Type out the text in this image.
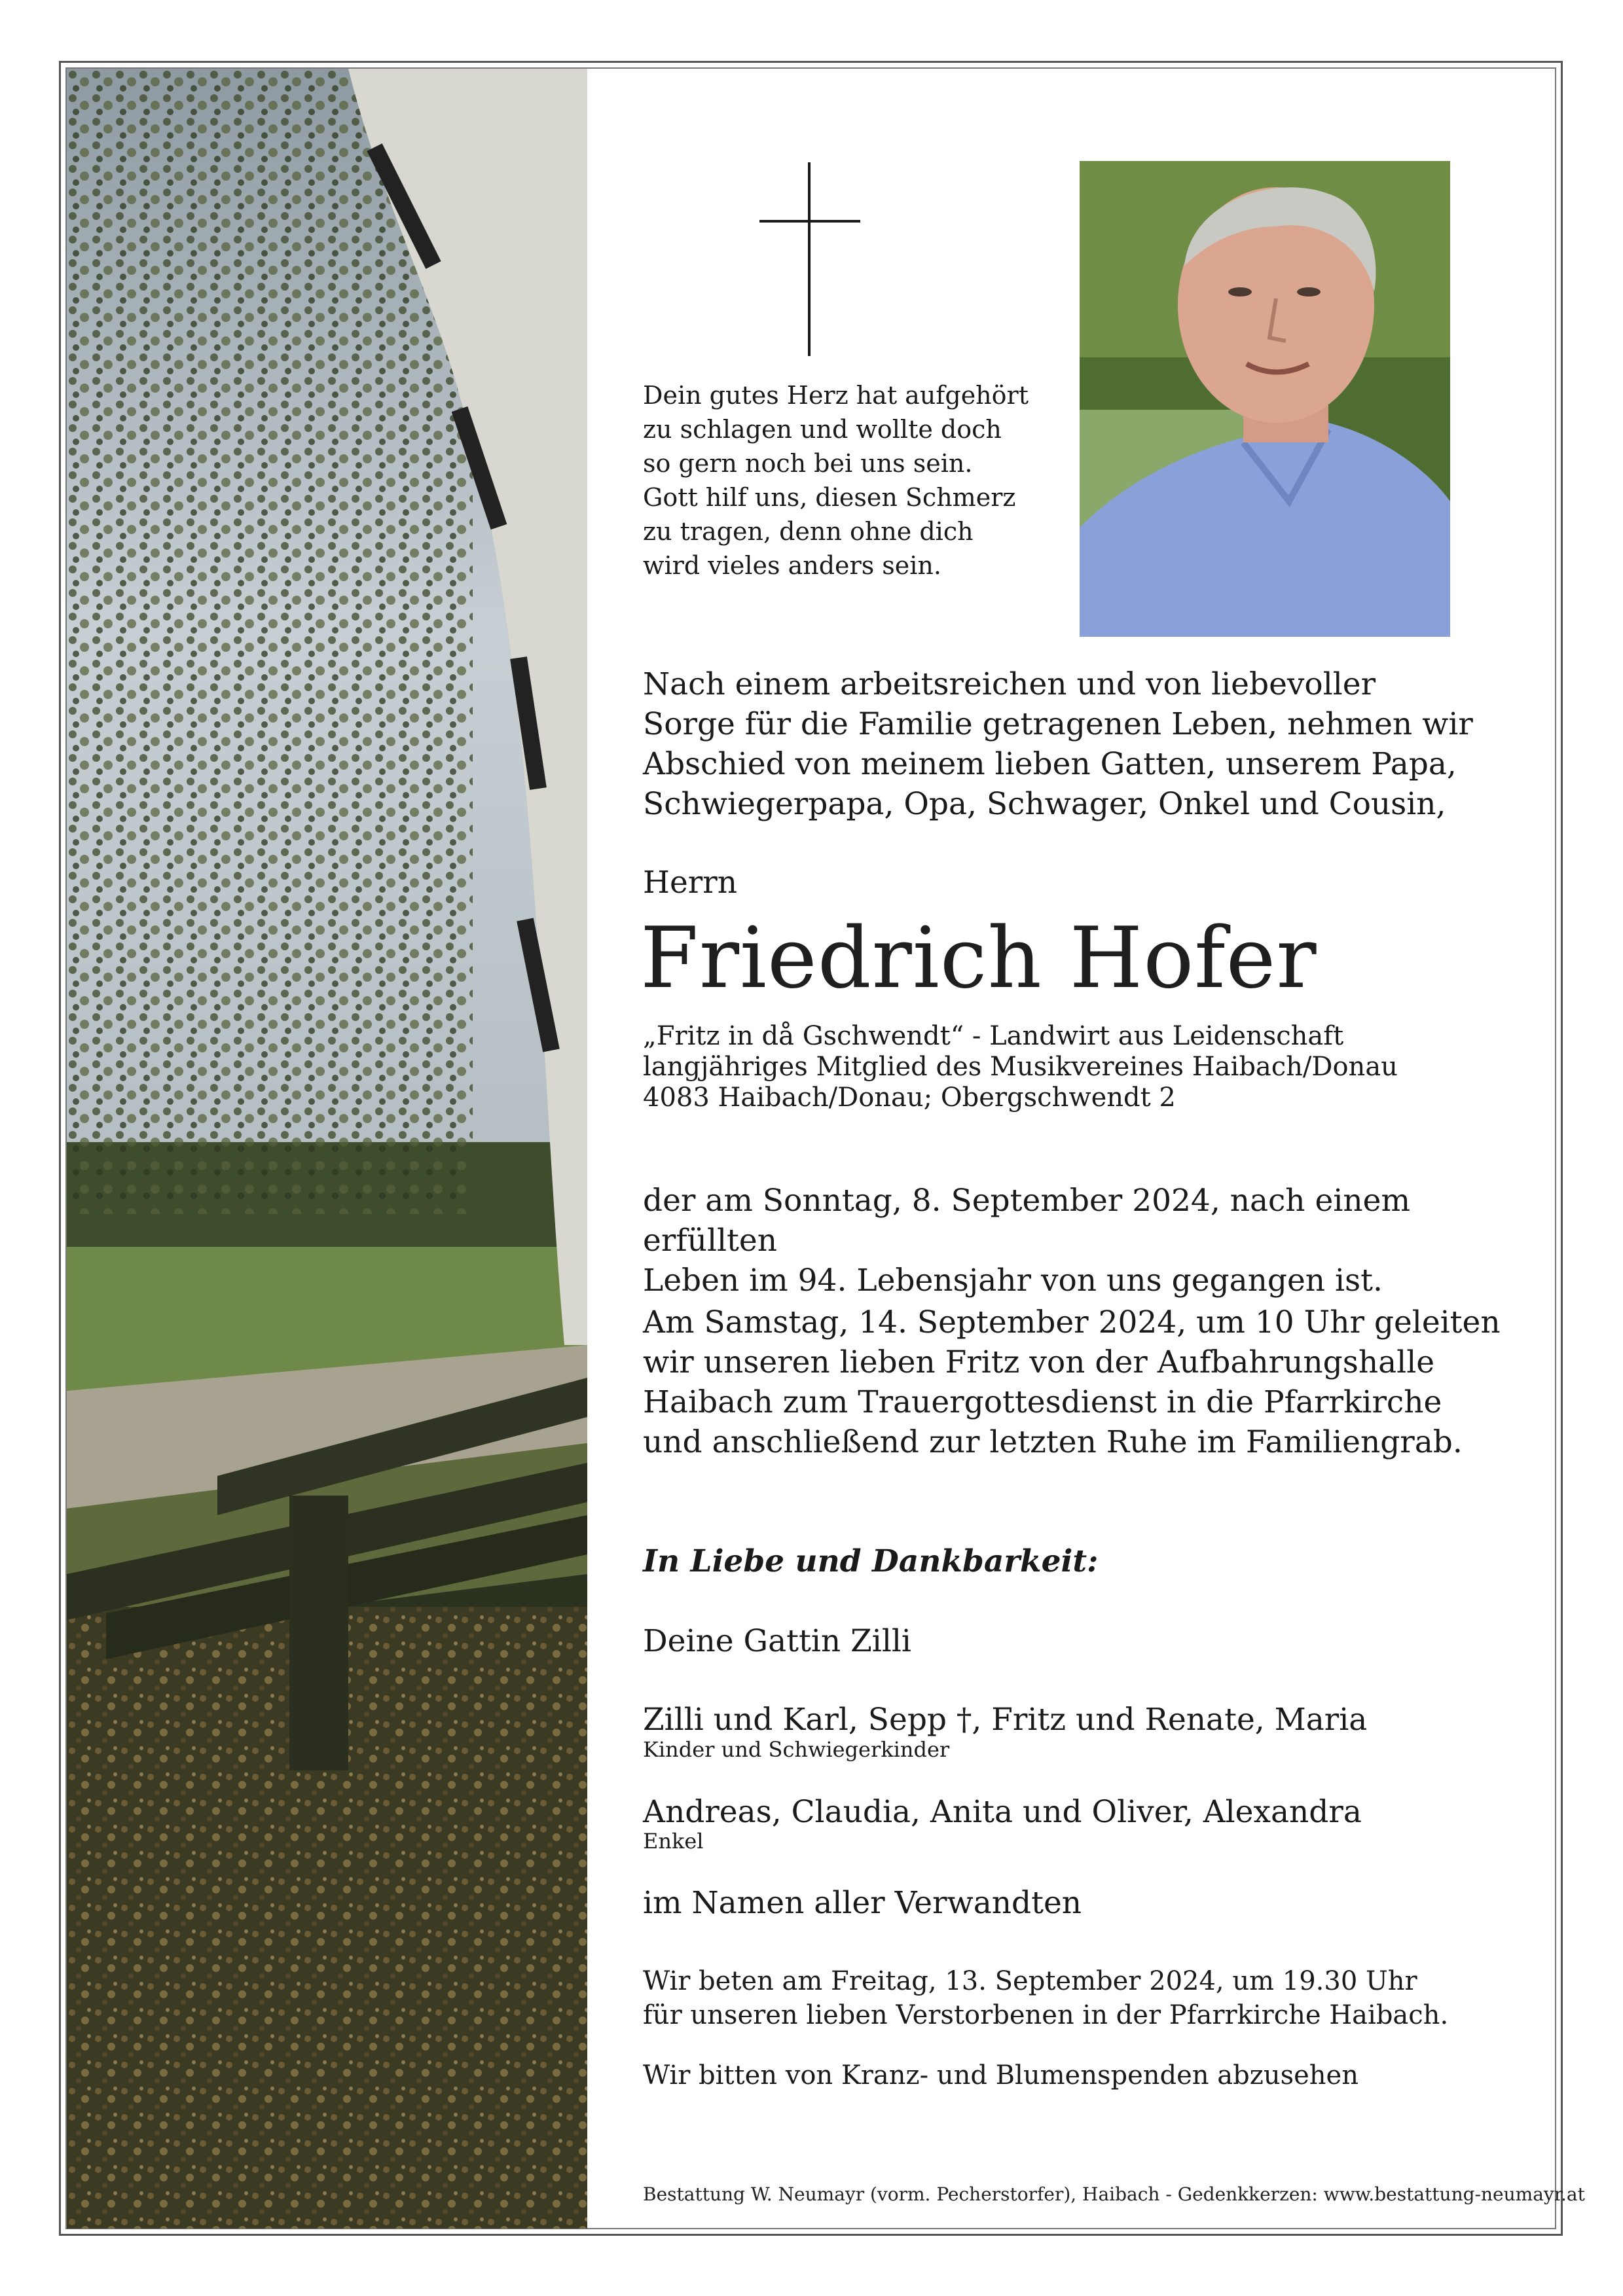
Dein gutes Herz hat aufgehört
zu schlagen und wollte doch
so gern noch bei uns sein.
Gott hilf uns, diesen Schmerz
zu tragen, denn ohne dich
wird vieles anders sein.
Nach einem arbeitsreichen und von liebevoller
Sorge für die Familie getragenen Leben, nehmen wir
Abschied von meinem lieben Gatten, unserem Papa,
Schwiegerpapa, Opa, Schwager, Onkel und Cousin,
Herrn
Friedrich Hofer
„Fritz in då Gschwendt“ - Landwirt aus Leidenschaft
langjähriges Mitglied des Musikvereines Haibach/Donau
4083 Haibach/Donau; Obergschwendt 2
der am Sonntag, 8. September 2024, nach einem erfüllten
Leben im 94. Lebensjahr von uns gegangen ist.
Am Samstag, 14. September 2024, um 10 Uhr geleiten
wir unseren lieben Fritz von der Aufbahrungshalle
Haibach zum Trauergottesdienst in die Pfarrkirche
und anschließend zur letzten Ruhe im Familiengrab.
In Liebe und Dankbarkeit:
Deine Gattin Zilli
Zilli und Karl, Sepp †, Fritz und Renate, Maria
Kinder und Schwiegerkinder
Andreas, Claudia, Anita und Oliver, Alexandra
Enkel
im Namen aller Verwandten
Wir beten am Freitag, 13. September 2024, um 19.30 Uhr
für unseren lieben Verstorbenen in der Pfarrkirche Haibach.
Wir bitten von Kranz- und Blumenspenden abzusehen
Bestattung W. Neumayr (vorm. Pecherstorfer), Haibach - Gedenkkerzen: www.bestattung-neumayr.at
